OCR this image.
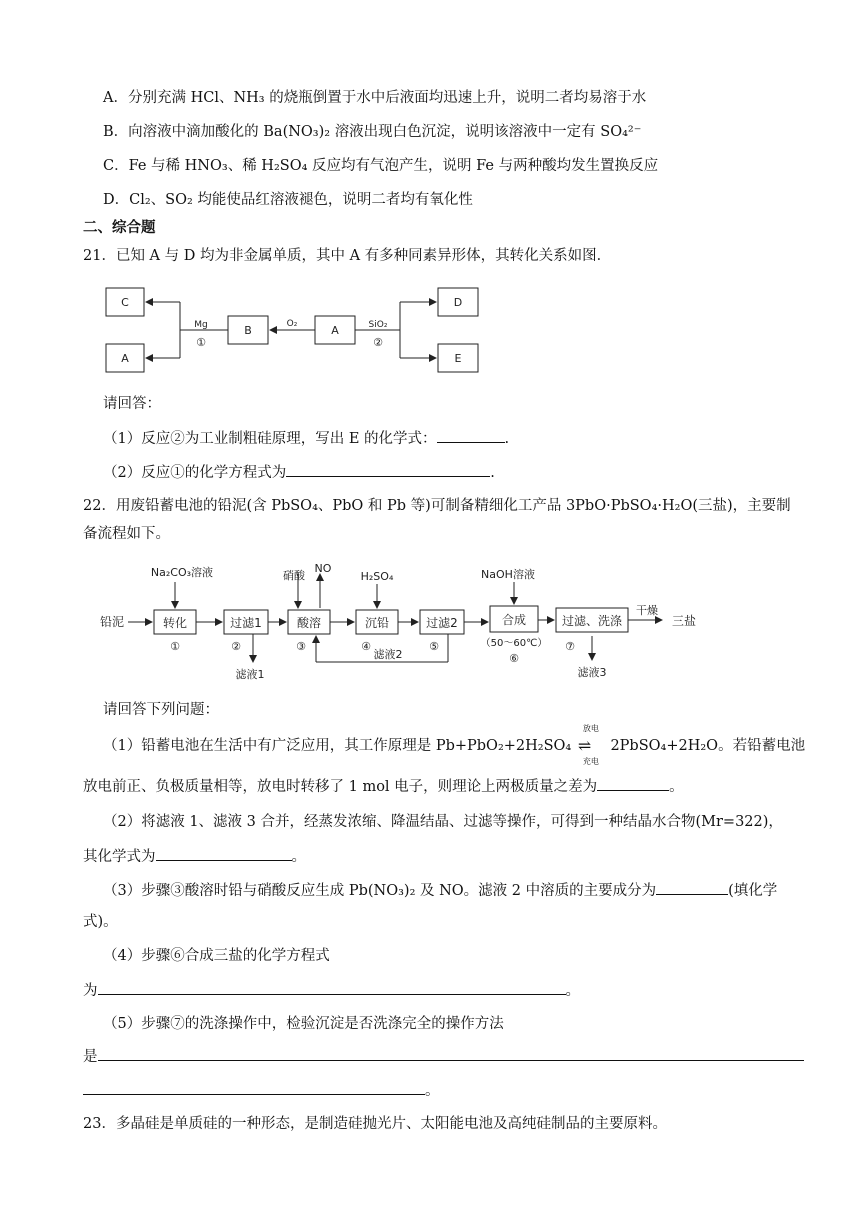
A．分别充满 HCl、NH₃ 的烧瓶倒置于水中后液面均迅速上升，说明二者均易溶于水
B．向溶液中滴加酸化的 Ba(NO₃)₂ 溶液出现白色沉淀，说明该溶液中一定有 SO₄²⁻
C．Fe 与稀 HNO₃、稀 H₂SO₄ 反应均有气泡产生，说明 Fe 与两种酸均发生置换反应
D．Cl₂、SO₂ 均能使品红溶液褪色，说明二者均有氧化性
二、综合题
21．已知 A 与 D 均为非金属单质，其中 A 有多种同素异形体，其转化关系如图．
C
A
B	A
D
E
Mg
①
O₂	SiO₂
②
请回答：
（1）反应②为工业制粗硅原理，写出 E 的化学式：	.
（2）反应①的化学方程式为	.
22．用废铅蓄电池的铅泥(含 PbSO₄、PbO 和 Pb 等)可制备精细化工产品 3PbO·PbSO₄·H₂O(三盐)，主要制
备流程如下。
铅泥	转化	过滤1	酸溶	沉铅	过滤2	合成	过滤、洗涤	三盐
干燥
Na₂CO₃溶液	硝酸
NO
H₂SO₄	NaOH溶液
①	②	③	④	⑤	（50～60℃）
⑥
⑦
滤液1
滤液2
滤液3
请回答下列问题：
（1）铅蓄电池在生活中有广泛应用，其工作原理是 Pb+PbO₂+2H₂SO₄
放电
⇌
充电
2PbSO₄+2H₂O。若铅蓄电池
放电前正、负极质量相等，放电时转移了 1 mol 电子，则理论上两极质量之差为	。
（2）将滤液 1、滤液 3 合并，经蒸发浓缩、降温结晶、过滤等操作，可得到一种结晶水合物(Mr=322)，
其化学式为	。
（3）步骤③酸溶时铅与硝酸反应生成 Pb(NO₃)₂ 及 NO。滤液 2 中溶质的主要成分为	(填化学
式)。
（4）步骤⑥合成三盐的化学方程式
为	。
（5）步骤⑦的洗涤操作中，检验沉淀是否洗涤完全的操作方法
是
。
23．多晶硅是单质硅的一种形态，是制造硅抛光片、太阳能电池及高纯硅制品的主要原料。
